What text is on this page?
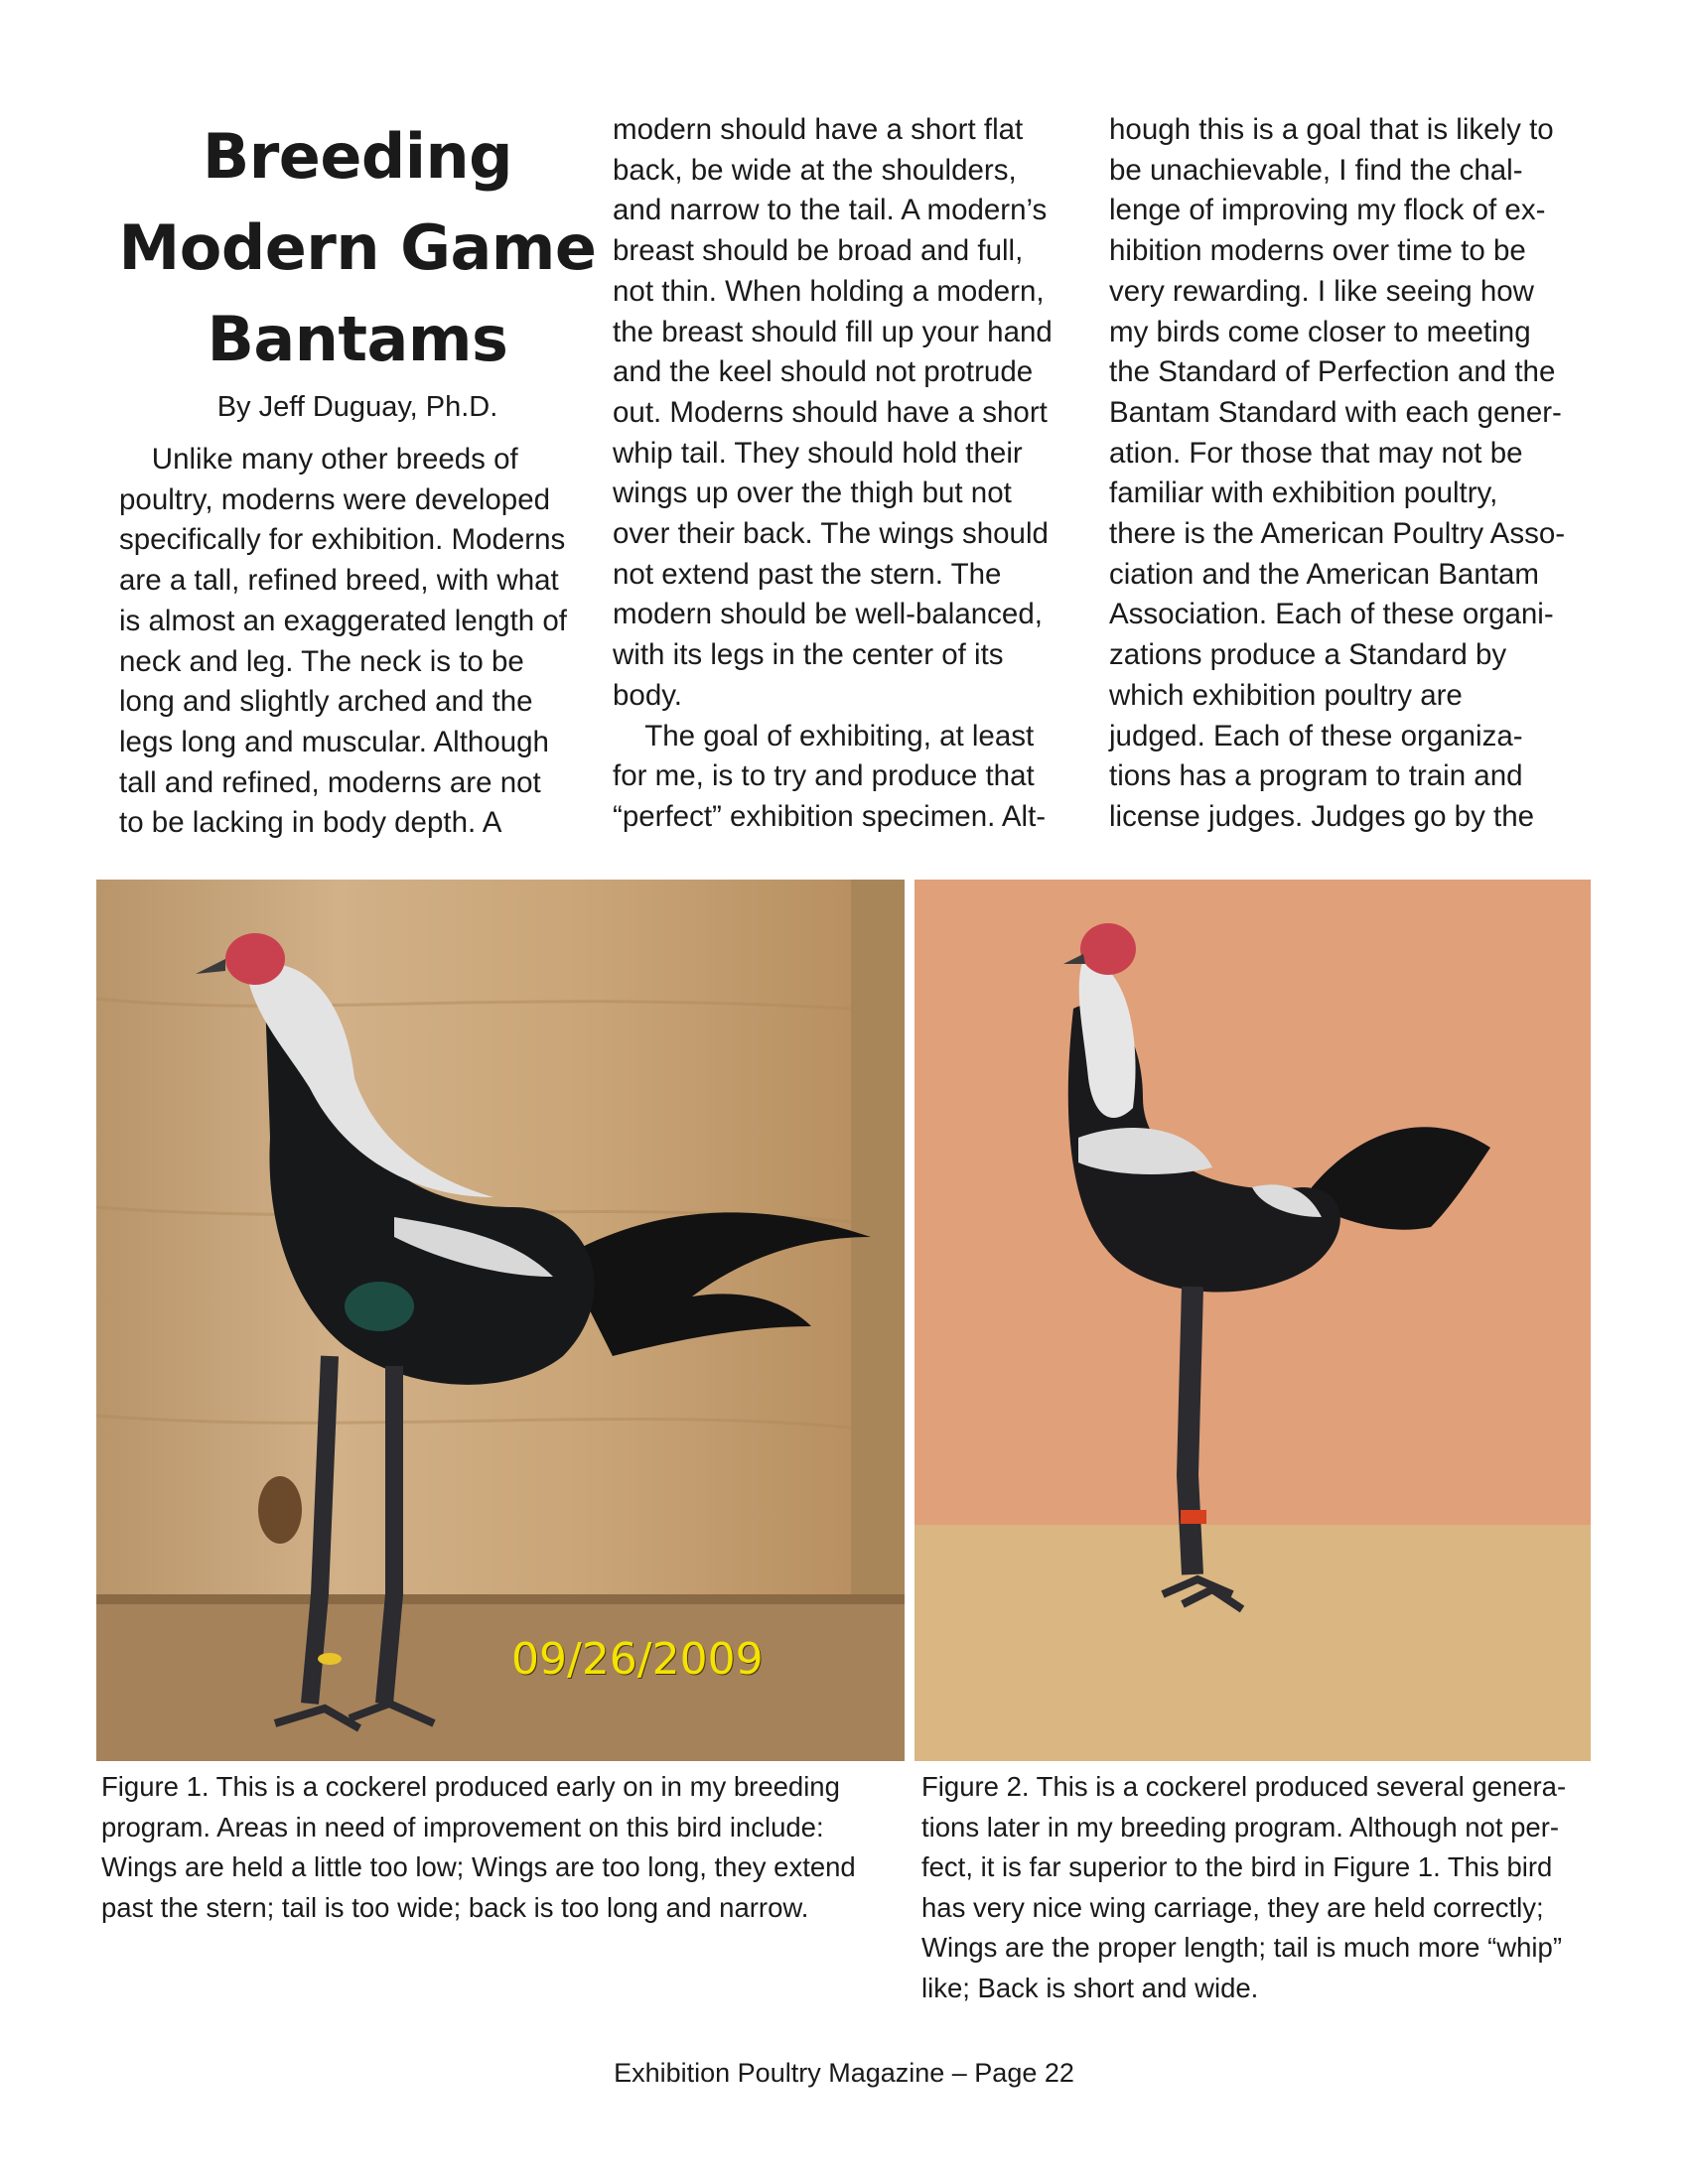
Breeding
Modern Game
Bantams
By Jeff Duguay, Ph.D.
Unlike many other breeds of
poultry, moderns were developed
specifically for exhibition. Moderns
are a tall, refined breed, with what
is almost an exaggerated length of
neck and leg. The neck is to be
long and slightly arched and the
legs long and muscular. Although
tall and refined, moderns are not
to be lacking in body depth. A
modern should have a short flat
back, be wide at the shoulders,
and narrow to the tail. A modern’s
breast should be broad and full,
not thin. When holding a modern,
the breast should fill up your hand
and the keel should not protrude
out. Moderns should have a short
whip tail. They should hold their
wings up over the thigh but not
over their back. The wings should
not extend past the stern. The
modern should be well-balanced,
with its legs in the center of its
body.
The goal of exhibiting, at least
for me, is to try and produce that
“perfect” exhibition specimen. Alt-
hough this is a goal that is likely to
be unachievable, I find the chal-
lenge of improving my flock of ex-
hibition moderns over time to be
very rewarding. I like seeing how
my birds come closer to meeting
the Standard of Perfection and the
Bantam Standard with each gener-
ation. For those that may not be
familiar with exhibition poultry,
there is the American Poultry Asso-
ciation and the American Bantam
Association. Each of these organi-
zations produce a Standard by
which exhibition poultry are
judged. Each of these organiza-
tions has a program to train and
license judges. Judges go by the
09/26/2009
Figure 1. This is a cockerel produced early on in my breeding
program. Areas in need of improvement on this bird include:
Wings are held a little too low; Wings are too long, they extend
past the stern; tail is too wide; back is too long and narrow.
Figure 2. This is a cockerel produced several genera-
tions later in my breeding program. Although not per-
fect, it is far superior to the bird in Figure 1. This bird
has very nice wing carriage, they are held correctly;
Wings are the proper length; tail is much more “whip”
like; Back is short and wide.
Exhibition Poultry Magazine – Page 22
